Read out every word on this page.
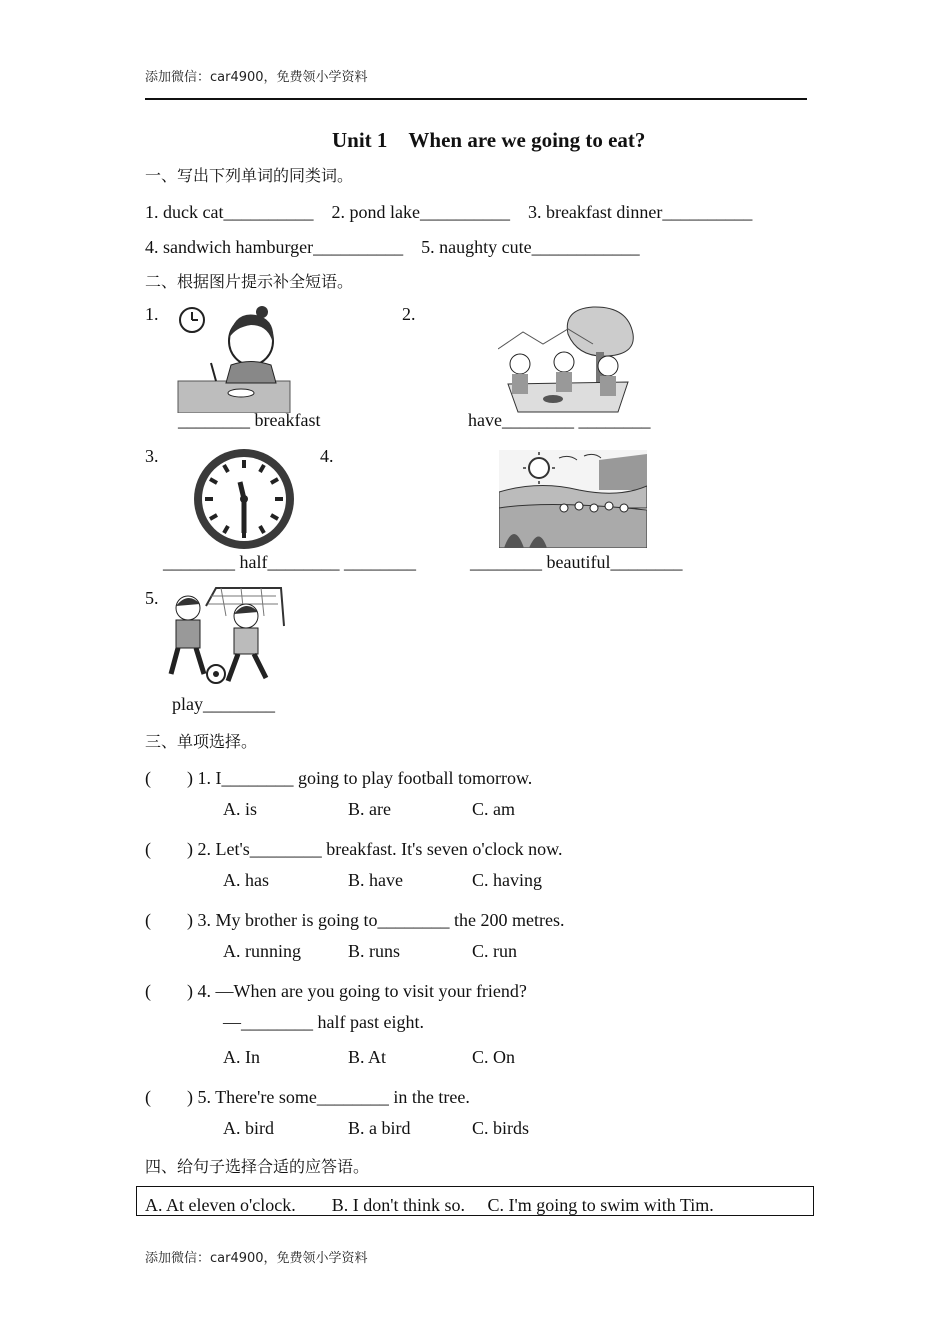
添加微信：car4900，免费领小学资料
Unit 1　When are we going to eat?
一、写出下列单词的同类词。
1. duck cat__________　2. pond lake__________　3. breakfast dinner__________
4. sandwich hamburger__________　5. naughty cute____________
二、根据图片提示补全短语。
1.
________ breakfast
2.
have________ ________
3.
________ half________ ________
4.
________ beautiful________
5.
play________
三、单项选择。
(　　) 1. I________ going to play football tomorrow.
A. is	B. are	C. am
(　　) 2. Let's________ breakfast. It's seven o'clock now.
A. has	B. have	C. having
(　　) 3. My brother is going to________ the 200 metres.
A. running	B. runs	C. run
(　　) 4. —When are you going to visit your friend?
—________ half past eight.
A. In	B. At	C. On
(　　) 5. There're some________ in the tree.
A. bird	B. a bird	C. birds
四、给句子选择合适的应答语。
A. At eleven o'clock.　　B. I don't think so.　 C. I'm going to swim with Tim.
添加微信：car4900，免费领小学资料
